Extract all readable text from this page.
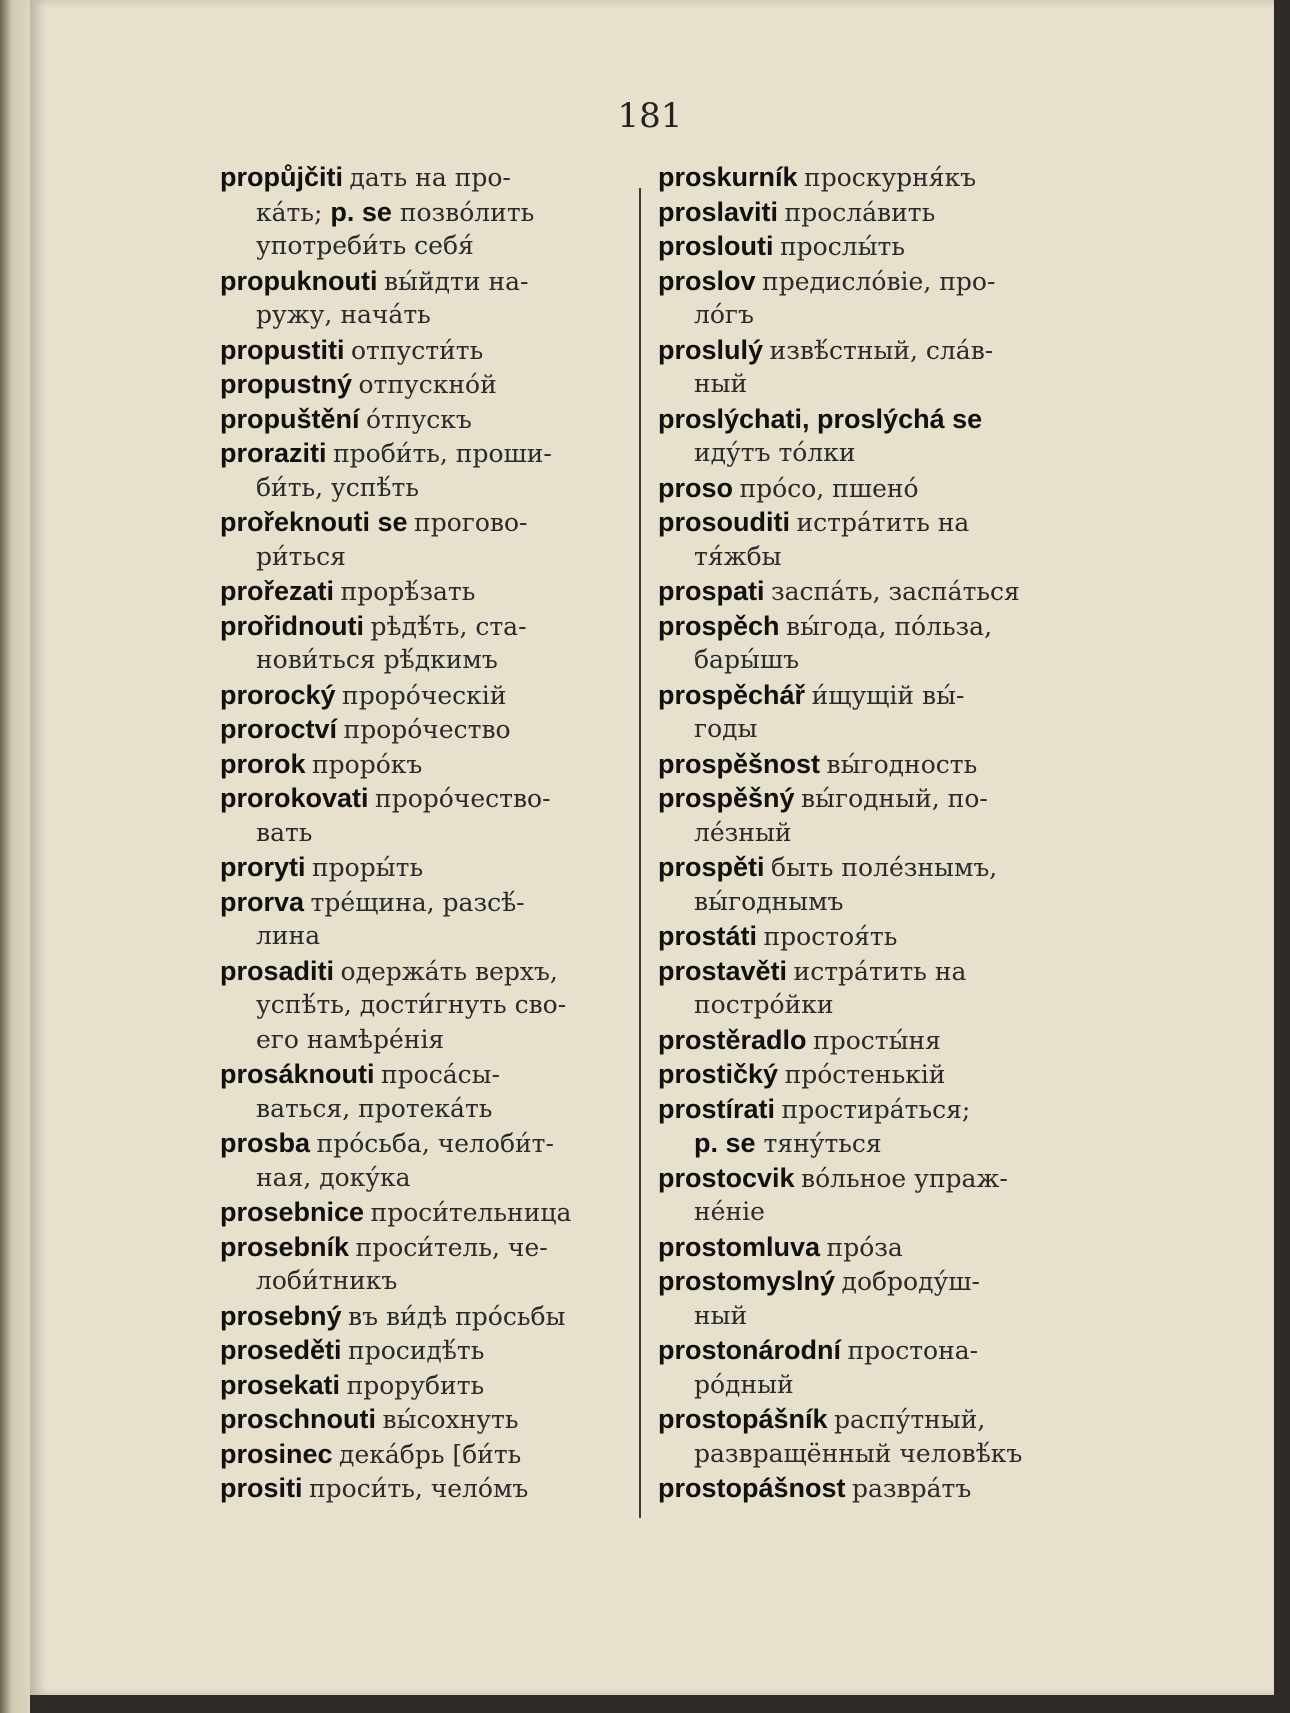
181
propůjčiti дать на про-
ка́ть; p. se позво́лить
употреби́ть себя́
propuknouti вы́йдти на-
ружу, нача́ть
propustiti отпусти́ть
propustný отпускно́й
propuštění о́тпускъ
proraziti проби́ть, проши-
би́ть, успѣ́ть
prořeknouti se проговo-
ри́ться
prořezati прорѣ́зать
prořidnouti рѣдѣ́ть, ста-
нови́ться рѣ́дкимъ
prorocký проро́ческій
proroctví проро́чество
prorok проро́къ
prorokovati проро́чество-
вать
proryti проры́ть
prorva тре́щина, разсѣ́-
лина
prosaditi одержа́ть верхъ,
успѣ́ть, дости́гнуть сво-
его намѣре́нія
prosáknouti проса́сы-
ваться, протека́ть
prosba про́сьба, челоби́т-
ная, доку́ка
prosebnice проси́тельница
prosebník проси́тель, че-
лоби́тникъ
prosebný въ ви́дѣ про́сьбы
proseděti просидѣ́ть
prosekati прорубить
proschnouti вы́сохнуть
prosinec дека́брь [би́ть
prositi проси́ть, чело́мъ
proskurník проскурня́къ
proslaviti просла́вить
proslouti прослы́ть
proslov предисло́віе, про-
ло́гъ
proslulý извѣ́стный, сла́в-
ный
proslýchati, proslýchá se
иду́тъ то́лки
proso про́со, пшено́
prosouditi истра́тить на
тя́жбы
prospati заспа́ть, заспа́ться
prospěch вы́года, по́льза,
бары́шъ
prospěchář и́щущій вы́-
годы
prospěšnost вы́годность
prospěšný вы́годный, по-
ле́зный
prospěti быть поле́знымъ,
вы́годнымъ
prostáti простоя́ть
prostavěti истра́тить на
постро́йки
prostěradlo просты́ня
prostičký про́стенькій
prostírati простира́ться;
p. se тяну́ться
prostocvik во́льное упраж-
не́ніе
prostomluva про́за
prostomyslný доброду́ш-
ный
prostonárodní простона-
ро́дный
prostopášník распу́тный,
развращённый человѣ́къ
prostopášnost развра́тъ
